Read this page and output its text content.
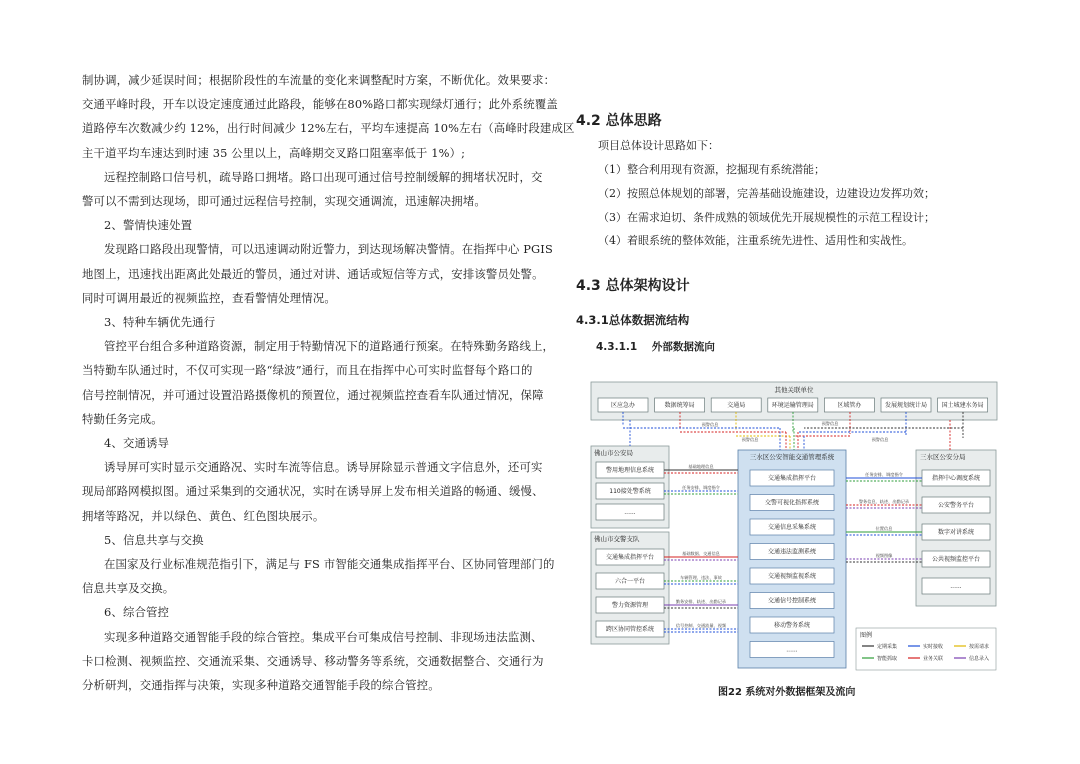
制协调，减少延误时间；根据阶段性的车流量的变化来调整配时方案，不断优化。效果要求：

交通平峰时段，开车以设定速度通过此路段，能够在80%路口都实现绿灯通行；此外系统覆盖

道路停车次数减少约 12%，出行时间减少 12%左右，平均车速提高 10%左右（高峰时段建成区

主干道平均车速达到时速 35 公里以上，高峰期交叉路口阻塞率低于 1%）;

远程控制路口信号机，疏导路口拥堵。路口出现可通过信号控制缓解的拥堵状况时，交

警可以不需到达现场，即可通过远程信号控制，实现交通调流，迅速解决拥堵。

2、警情快速处置

发现路口路段出现警情，可以迅速调动附近警力，到达现场解决警情。在指挥中心 PGIS

地图上，迅速找出距离此处最近的警员，通过对讲、通话或短信等方式，安排该警员处警。

同时可调用最近的视频监控，查看警情处理情况。

3、特种车辆优先通行

管控平台组合多种道路资源，制定用于特勤情况下的道路通行预案。在特殊勤务路线上，

当特勤车队通过时，不仅可实现一路“绿波”通行，而且在指挥中心可实时监督每个路口的

信号控制情况，并可通过设置沿路摄像机的预置位，通过视频监控查看车队通过情况，保障

特勤任务完成。

4、交通诱导

诱导屏可实时显示交通路况、实时车流等信息。诱导屏除显示普通文字信息外，还可实

现局部路网模拟图。通过采集到的交通状况，实时在诱导屏上发布相关道路的畅通、缓慢、

拥堵等路况，并以绿色、黄色、红色图块展示。

5、信息共享与交换

在国家及行业标准规范指引下，满足与 FS 市智能交通集成指挥平台、区协同管理部门的

信息共享及交换。

6、综合管控

实现多种道路交通智能手段的综合管控。集成平台可集成信号控制、非现场违法监测、

卡口检测、视频监控、交通流采集、交通诱导、移动警务等系统，交通数据整合、交通行为

分析研判，交通指挥与决策，实现多种道路交通智能手段的综合管控。

4.2 总体思路

项目总体设计思路如下：

（1）整合利用现有资源，挖掘现有系统潜能；

（2）按照总体规划的部署，完善基础设施建设，边建设边发挥功效；

（3）在需求迫切、条件成熟的领域优先开展规模性的示范工程设计；

（4）着眼系统的整体效能，注重系统先进性、适用性和实战性。

4.3 总体架构设计
4.3.1总体数据流结构
4.3.1.1 外部数据流向
其他关联单位
区应急办	数据统筹局	交通局	环境运输管理局	区域管办	发展规划统计局 国土城建水务局
佛山市公安局
警用地理信息系统
110接处警系统
......
佛山市交警支队
交通集成指挥平台
六合一平台
警力资源管理
跨区协同管控系统
三水区公安智能交通管理系统
交通集成指挥平台
交警可视化指挥系统
交通信息采集系统
交通违法监测系统
交通视频监视系统
交通信号控制系统
移动警务系统
......
三水区公安分局
指挥中心调度系统
公安警务平台
数字对讲系统
公共视频监控平台
......
基础地理信息
任务安排、调度指令
基础数据、交通信息
车辆管理、违法、事故
勤务安排、轨迹、出勤记录
信号控制、交通流量、视频
任务安排、调度指令
警务信息、轨迹、出勤记录
位置信息
视频图像
预警信息
预警信息
预警信息
预警信息
图例
定期采集	实时接收	按需请求
智能抓取	业务关联	信息录入
图22 系统对外数据框架及流向
